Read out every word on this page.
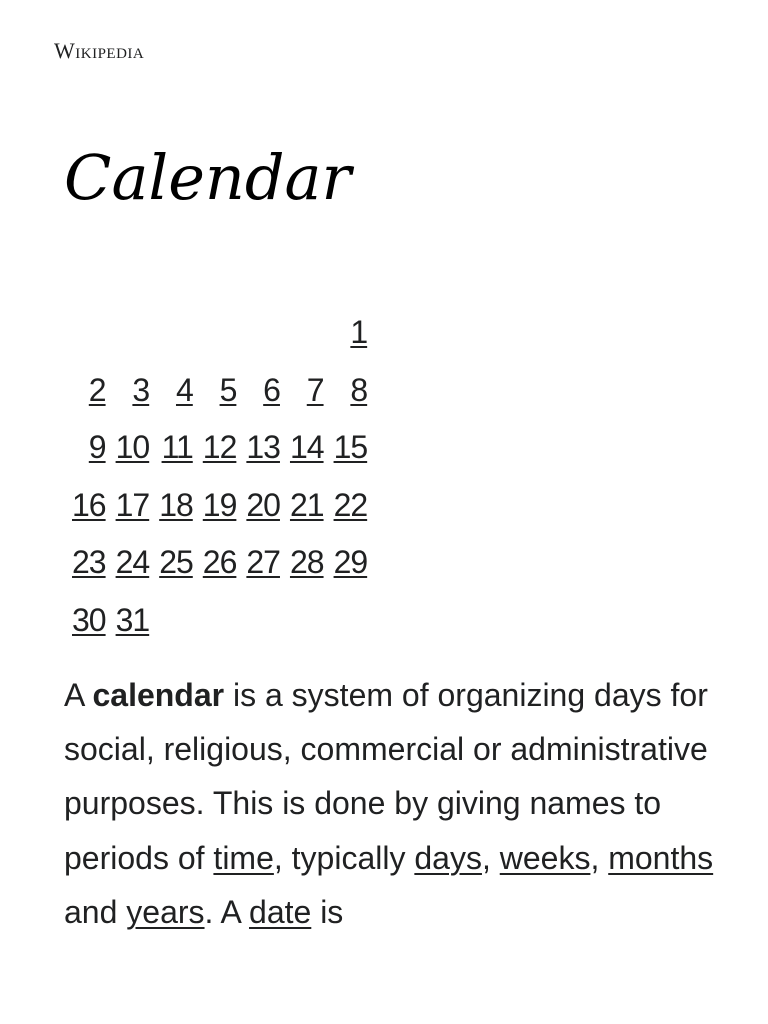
Wikipedia
Calendar
1
2 3 4 5 6 7 8
9 10 11 12 13 14 15
16 17 18 19 20 21 22
23 24 25 26 27 28 29
30 31

A calendar is a system of organizing days for social, religious, commercial or administrative purposes. This is done by giving names to periods of time, typically days, weeks, months and years. A date is
